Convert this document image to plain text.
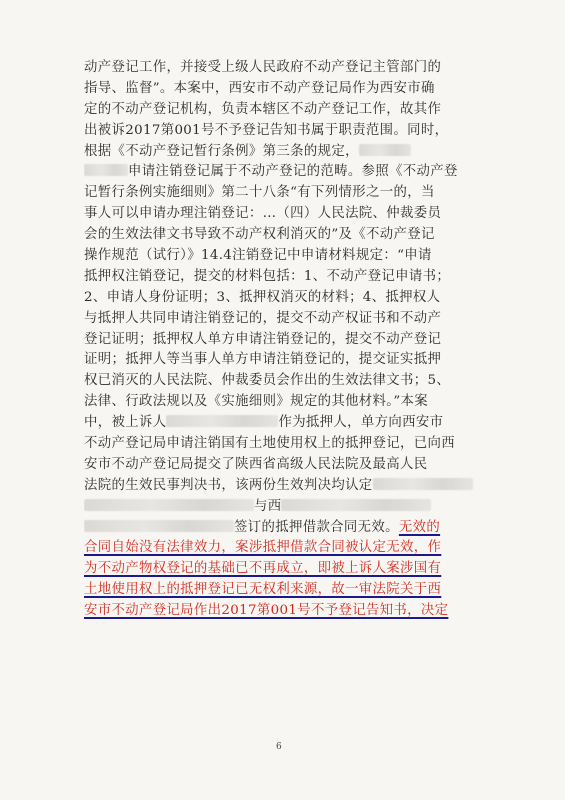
动产登记工作，并接受上级人民政府不动产登记主管部门的
指导、监督”。本案中，西安市不动产登记局作为西安市确
定的不动产登记机构，负责本辖区不动产登记工作，故其作
出被诉2017第001号不予登记告知书属于职责范围。同时，
根据《不动产登记暂行条例》第三条的规定，
申请注销登记属于不动产登记的范畴。参照《不动产登
记暂行条例实施细则》第二十八条“有下列情形之一的，当
事人可以申请办理注销登记：…（四）人民法院、仲裁委员
会的生效法律文书导致不动产权利消灭的”及《不动产登记
操作规范（试行）》14.4注销登记中申请材料规定：“申请
抵押权注销登记，提交的材料包括：1、不动产登记申请书；
2、申请人身份证明；3、抵押权消灭的材料；4、抵押权人
与抵押人共同申请注销登记的，提交不动产权证书和不动产
登记证明；抵押权人单方申请注销登记的，提交不动产登记
证明；抵押人等当事人单方申请注销登记的，提交证实抵押
权已消灭的人民法院、仲裁委员会作出的生效法律文书；5、
法律、行政法规以及《实施细则》规定的其他材料。”本案
中，被上诉人	作为抵押人，单方向西安市
不动产登记局申请注销国有土地使用权上的抵押登记，已向西
安市不动产登记局提交了陕西省高级人民法院及最高人民
法院的生效民事判决书，该两份生效判决均认定
与西
签订的抵押借款合同无效。无效的
合同自始没有法律效力，案涉抵押借款合同被认定无效，作
为不动产物权登记的基础已不再成立，即被上诉人案涉国有
土地使用权上的抵押登记已无权利来源，故一审法院关于西
安市不动产登记局作出2017第001号不予登记告知书，决定
6
